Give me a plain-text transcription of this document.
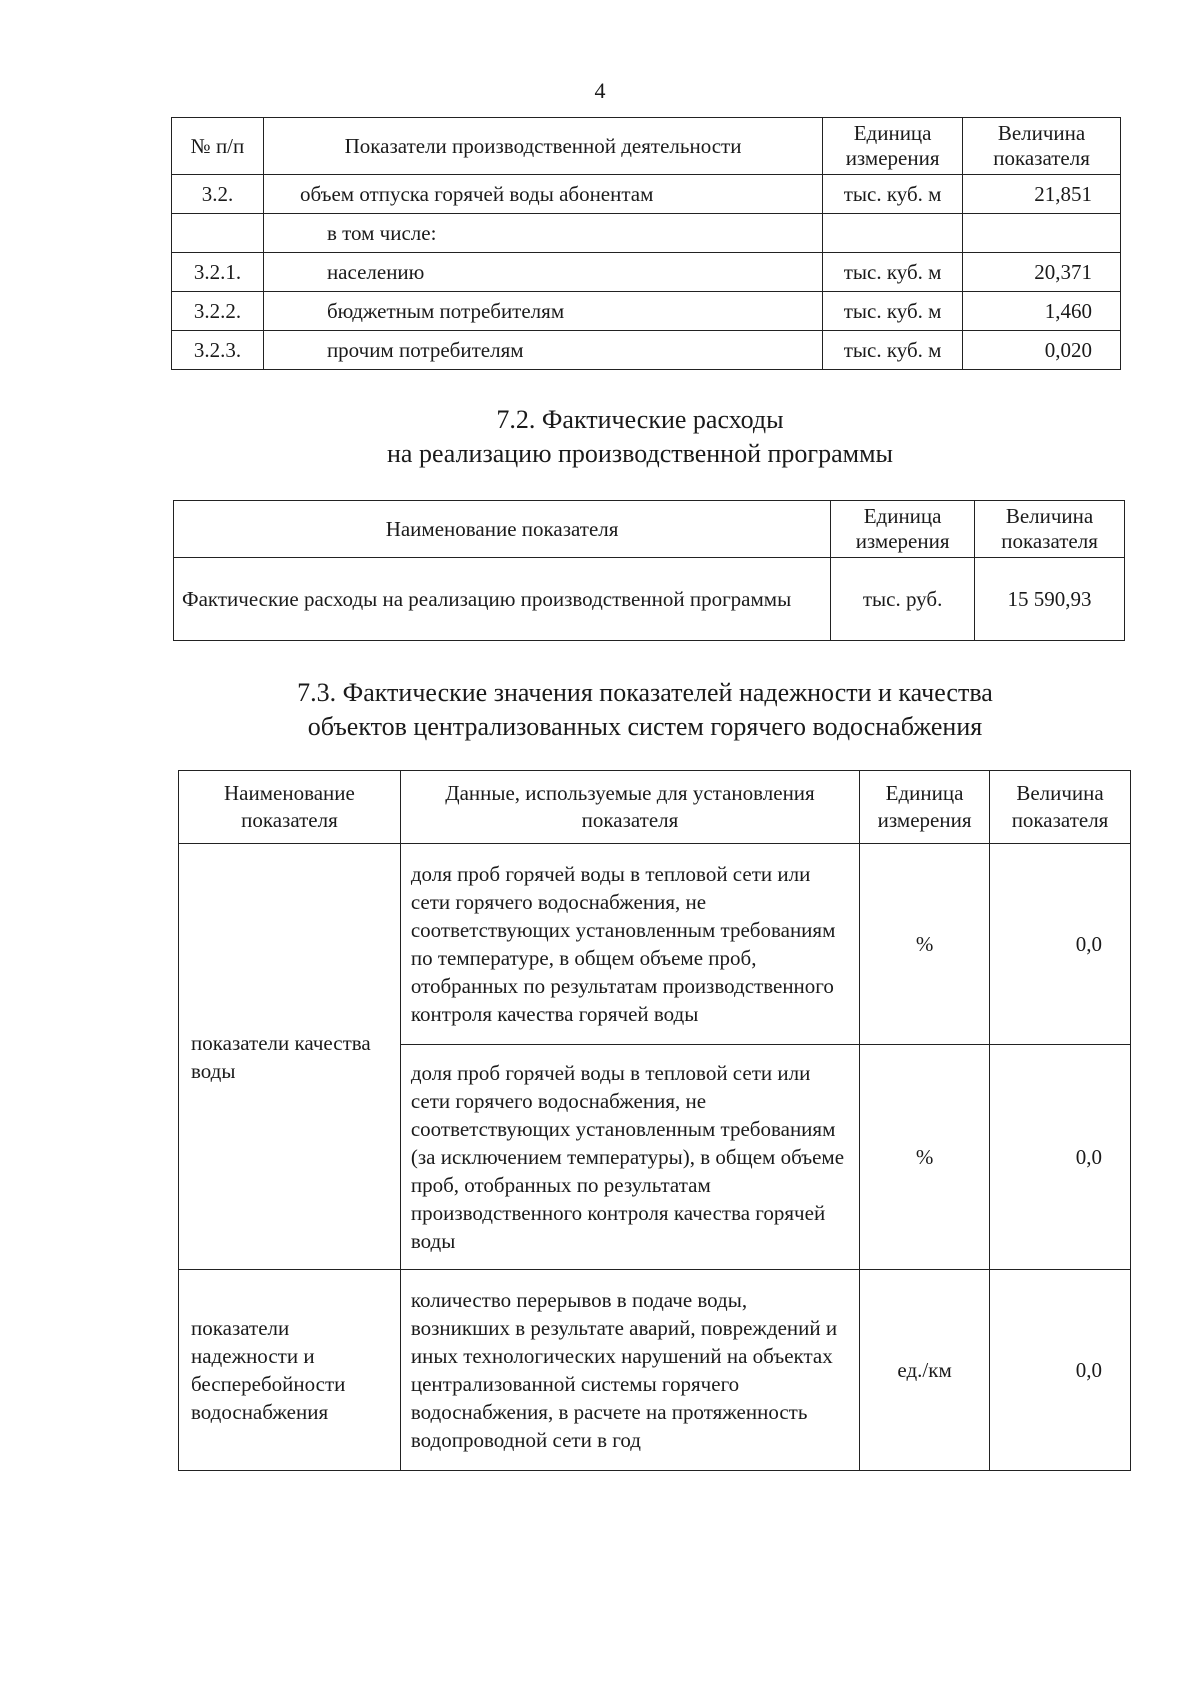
4
№ п/п	Показатели производственной деятельности	Единица измерения	Величина показателя
3.2.	объем отпуска горячей воды абонентам	тыс. куб. м	21,851
	в том числе:		
3.2.1.	населению	тыс. куб. м	20,371
3.2.2.	бюджетным потребителям	тыс. куб. м	1,460
3.2.3.	прочим потребителям	тыс. куб. м	0,020
7.2. Фактические расходы
на реализацию производственной программы
Наименование показателя	Единица измерения	Величина показателя
Фактические расходы на реализацию производственной программы	тыс. руб.	15 590,93
7.3. Фактические значения показателей надежности и качества
объектов централизованных систем горячего водоснабжения
Наименование показателя	Данные, используемые для установления показателя	Единица измерения	Величина показателя
показатели качества воды	доля проб горячей воды в тепловой сети или сети горячего водоснабжения, не соответствующих установленным требованиям по температуре, в общем объеме проб, отобранных по результатам производственного контроля качества горячей воды	%	0,0
	доля проб горячей воды в тепловой сети или сети горячего водоснабжения, не соответствующих установленным требованиям (за исключением температуры), в общем объеме проб, отобранных по результатам производственного контроля качества горячей воды	%	0,0
показатели надежности и бесперебойности водоснабжения	количество перерывов в подаче воды, возникших в результате аварий, повреждений и иных технологических нарушений на объектах централизованной системы горячего водоснабжения, в расчете на протяженность водопроводной сети в год	ед./км	0,0
